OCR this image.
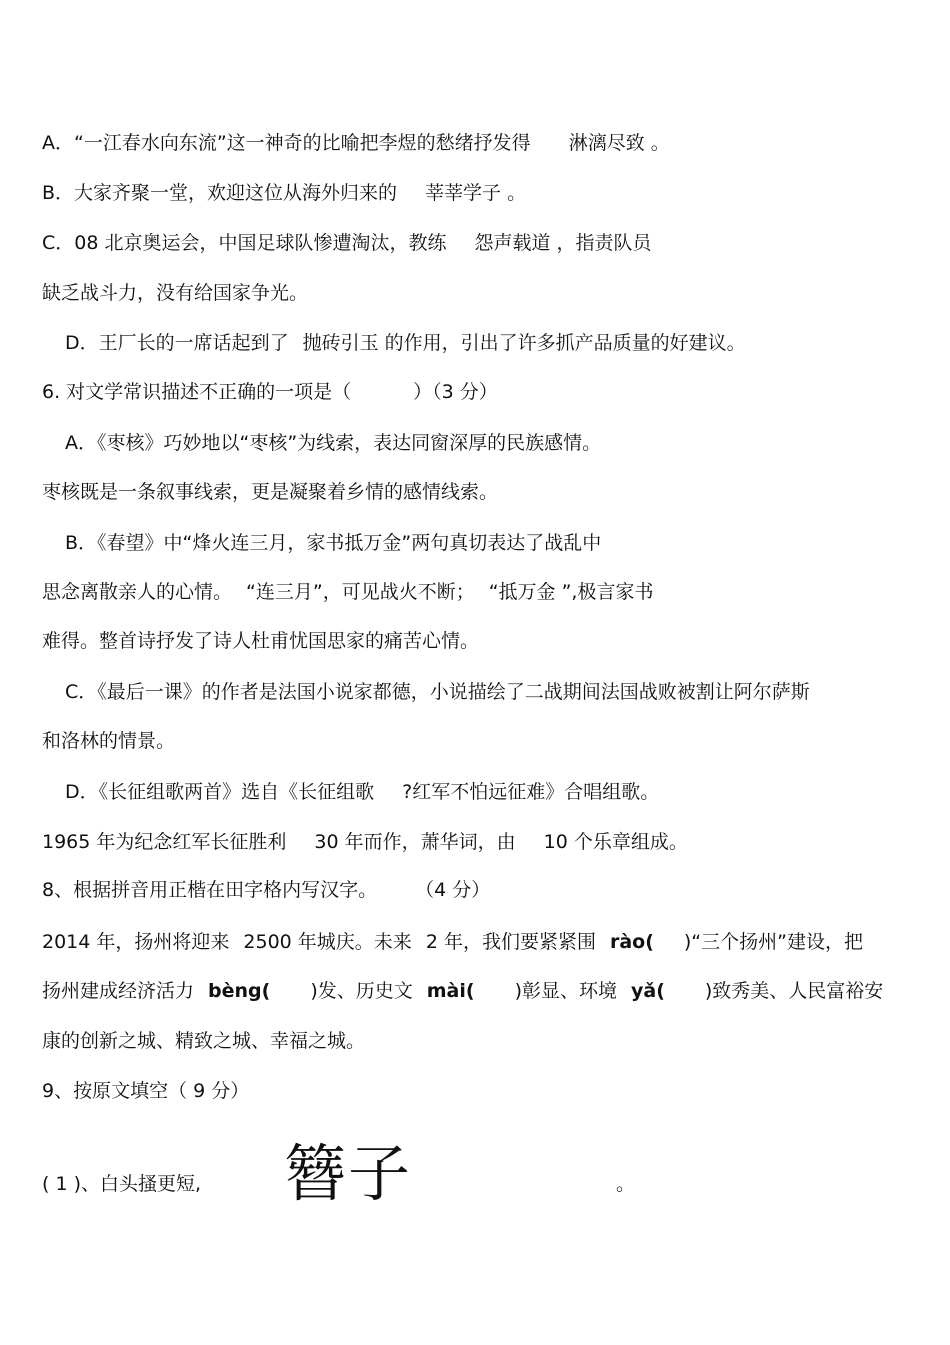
A．“一江春水向东流”这一神奇的比喻把李煜的愁绪抒发得 淋漓尽致 。
B．大家齐聚一堂，欢迎这位从海外归来的 莘莘学子 。
C．08 北京奥运会，中国足球队惨遭淘汰，教练 怨声载道 ，指责队员
缺乏战斗力，没有给国家争光。
D．王厂长的一席话起到了 抛砖引玉 的作用，引出了许多抓产品质量的好建议。
6. 对文学常识描述不正确的一项是（	）（3 分）
A．《枣核》巧妙地以“枣核”为线索，表达同窗深厚的民族感情。
枣核既是一条叙事线索，更是凝聚着乡情的感情线索。
B．《春望》中“烽火连三月，家书抵万金”两句真切表达了战乱中
思念离散亲人的心情。 “连三月”，可见战火不断； “抵万金 ”,极言家书
难得。整首诗抒发了诗人杜甫忧国思家的痛苦心情。
C．《最后一课》的作者是法国小说家都德，小说描绘了二战期间法国战败被割让阿尔萨斯
和洛林的情景。
D．《长征组歌两首》选自《长征组歌 ?红军不怕远征难》合唱组歌。
1965 年为纪念红军长征胜利 30 年而作，萧华词，由 10 个乐章组成。
8、根据拼音用正楷在田字格内写汉字。 （4 分）
2014 年，扬州将迎来 2500 年城庆。未来 2 年，我们要紧紧围 rào( )“三个扬州”建设，把
扬州建成经济活力 bèng( )发、历史文 mài( )彰显、环境 yǎ( )致秀美、人民富裕安
康的创新之城、精致之城、幸福之城。
9、按原文填空（ 9 分）
( 1 )、白头搔更短, 簪子	。
